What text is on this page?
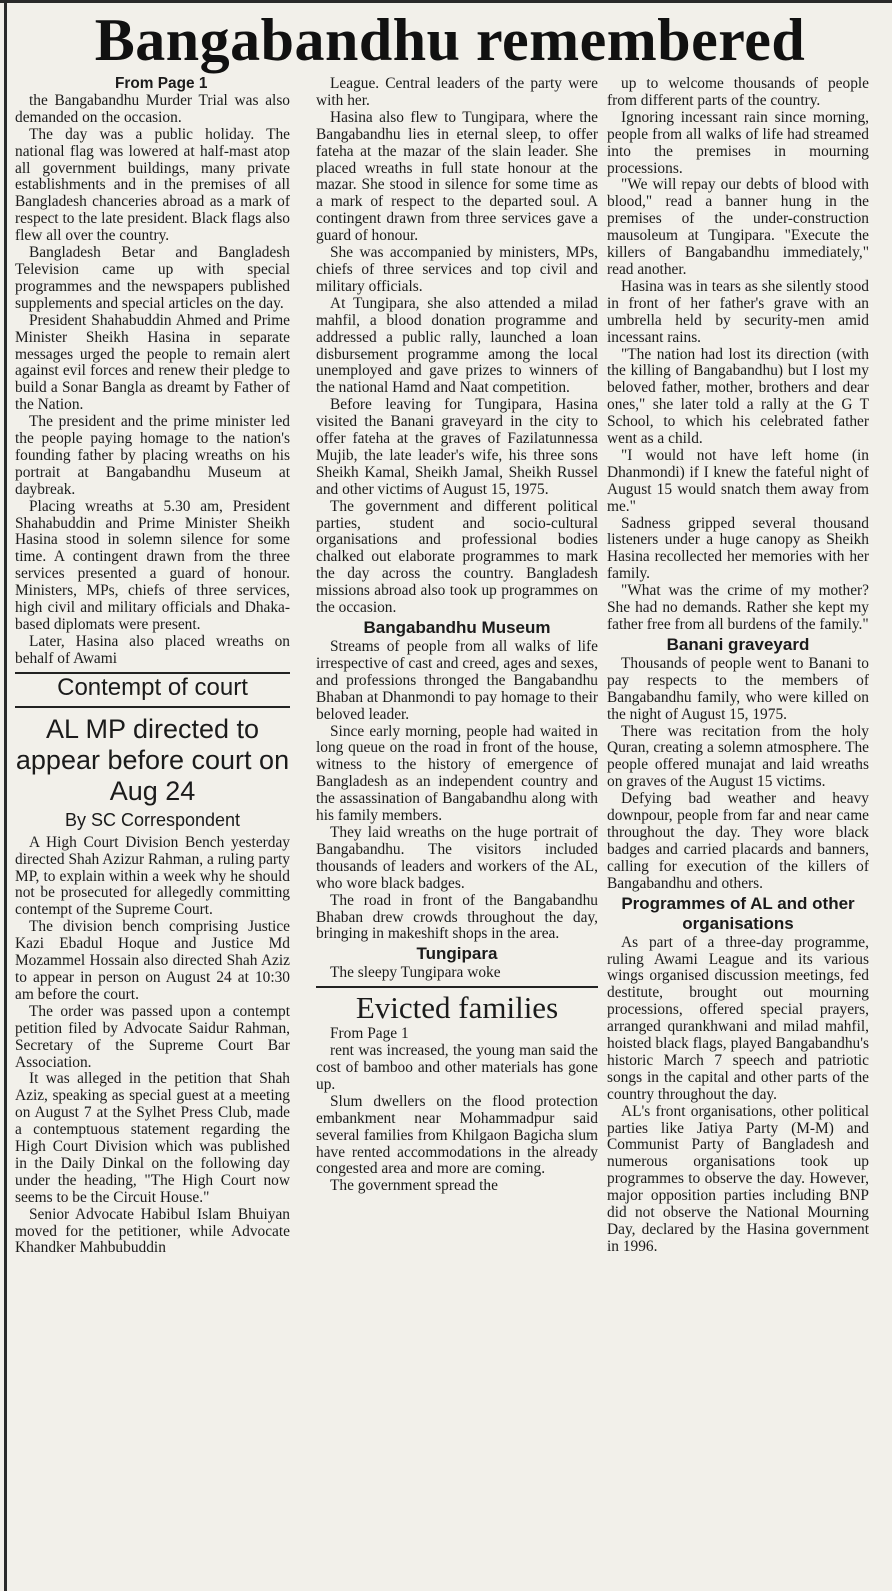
Bangabandhu remembered

From Page 1

the Bangabandhu Murder Trial was also demanded on the occasion.

The day was a public holiday. The national flag was lowered at half-mast atop all government buildings, many private establishments and in the premises of all Bangladesh chanceries abroad as a mark of respect to the late president. Black flags also flew all over the country.

Bangladesh Betar and Bangladesh Television came up with special programmes and the newspapers published supplements and special articles on the day.

President Shahabuddin Ahmed and Prime Minister Sheikh Hasina in separate messages urged the people to remain alert against evil forces and renew their pledge to build a Sonar Bangla as dreamt by Father of the Nation.

The president and the prime minister led the people paying homage to the nation's founding father by placing wreaths on his portrait at Bangabandhu Museum at daybreak.

Placing wreaths at 5.30 am, President Shahabuddin and Prime Minister Sheikh Hasina stood in solemn silence for some time. A contingent drawn from the three services presented a guard of honour. Ministers, MPs, chiefs of three services, high civil and military officials and Dhaka-based diplomats were present.

Later, Hasina also placed wreaths on behalf of Awami

Contempt of court
AL MP directed to appear before court on Aug 24
By SC Correspondent

A High Court Division Bench yesterday directed Shah Azizur Rahman, a ruling party MP, to explain within a week why he should not be prosecuted for allegedly committing contempt of the Supreme Court.

The division bench comprising Justice Kazi Ebadul Hoque and Justice Md Mozammel Hossain also directed Shah Aziz to appear in person on August 24 at 10:30 am before the court.

The order was passed upon a contempt petition filed by Advocate Saidur Rahman, Secretary of the Supreme Court Bar Association.

It was alleged in the petition that Shah Aziz, speaking as special guest at a meeting on August 7 at the Sylhet Press Club, made a contemptuous statement regarding the High Court Division which was published in the Daily Dinkal on the following day under the heading, "The High Court now seems to be the Circuit House."

Senior Advocate Habibul Islam Bhuiyan moved for the petitioner, while Advocate Khandker Mahbubuddin

League. Central leaders of the party were with her.

Hasina also flew to Tungipara, where the Bangabandhu lies in eternal sleep, to offer fateha at the mazar of the slain leader. She placed wreaths in full state honour at the mazar. She stood in silence for some time as a mark of respect to the departed soul. A contingent drawn from three services gave a guard of honour.

She was accompanied by ministers, MPs, chiefs of three services and top civil and military officials.

At Tungipara, she also attended a milad mahfil, a blood donation programme and addressed a public rally, launched a loan disbursement programme among the local unemployed and gave prizes to winners of the national Hamd and Naat competition.

Before leaving for Tungipara, Hasina visited the Banani graveyard in the city to offer fateha at the graves of Fazilatunnessa Mujib, the late leader's wife, his three sons Sheikh Kamal, Sheikh Jamal, Sheikh Russel and other victims of August 15, 1975.

The government and different political parties, student and socio-cultural organisations and professional bodies chalked out elaborate programmes to mark the day across the country. Bangladesh missions abroad also took up programmes on the occasion.

Bangabandhu Museum

Streams of people from all walks of life irrespective of cast and creed, ages and sexes, and professions thronged the Bangabandhu Bhaban at Dhanmondi to pay homage to their beloved leader.

Since early morning, people had waited in long queue on the road in front of the house, witness to the history of emergence of Bangladesh as an independent country and the assassination of Bangabandhu along with his family members.

They laid wreaths on the huge portrait of Bangabandhu. The visitors included thousands of leaders and workers of the AL, who wore black badges.

The road in front of the Bangabandhu Bhaban drew crowds throughout the day, bringing in makeshift shops in the area.

Tungipara

The sleepy Tungipara woke

Evicted families

From Page 1

rent was increased, the young man said the cost of bamboo and other materials has gone up.

Slum dwellers on the flood protection embankment near Mohammadpur said several families from Khilgaon Bagicha slum have rented accommodations in the already congested area and more are coming.

The government spread the

up to welcome thousands of people from different parts of the country.

Ignoring incessant rain since morning, people from all walks of life had streamed into the premises in mourning processions.

"We will repay our debts of blood with blood," read a banner hung in the premises of the under-construction mausoleum at Tungipara. "Execute the killers of Bangabandhu immediately," read another.

Hasina was in tears as she silently stood in front of her father's grave with an umbrella held by security-men amid incessant rains.

"The nation had lost its direction (with the killing of Bangabandhu) but I lost my beloved father, mother, brothers and dear ones," she later told a rally at the G T School, to which his celebrated father went as a child.

"I would not have left home (in Dhanmondi) if I knew the fateful night of August 15 would snatch them away from me."

Sadness gripped several thousand listeners under a huge canopy as Sheikh Hasina recollected her memories with her family.

"What was the crime of my mother? She had no demands. Rather she kept my father free from all burdens of the family."

Banani graveyard

Thousands of people went to Banani to pay respects to the members of Bangabandhu family, who were killed on the night of August 15, 1975.

There was recitation from the holy Quran, creating a solemn atmosphere. The people offered munajat and laid wreaths on graves of the August 15 victims.

Defying bad weather and heavy downpour, people from far and near came throughout the day. They wore black badges and carried placards and banners, calling for execution of the killers of Bangabandhu and others.

Programmes of AL and other organisations

As part of a three-day programme, ruling Awami League and its various wings organised discussion meetings, fed destitute, brought out mourning processions, offered special prayers, arranged qurankhwani and milad mahfil, hoisted black flags, played Bangabandhu's historic March 7 speech and patriotic songs in the capital and other parts of the country throughout the day.

AL's front organisations, other political parties like Jatiya Party (M-M) and Communist Party of Bangladesh and numerous organisations took up programmes to observe the day. However, major opposition parties including BNP did not observe the National Mourning Day, declared by the Hasina government in 1996.
